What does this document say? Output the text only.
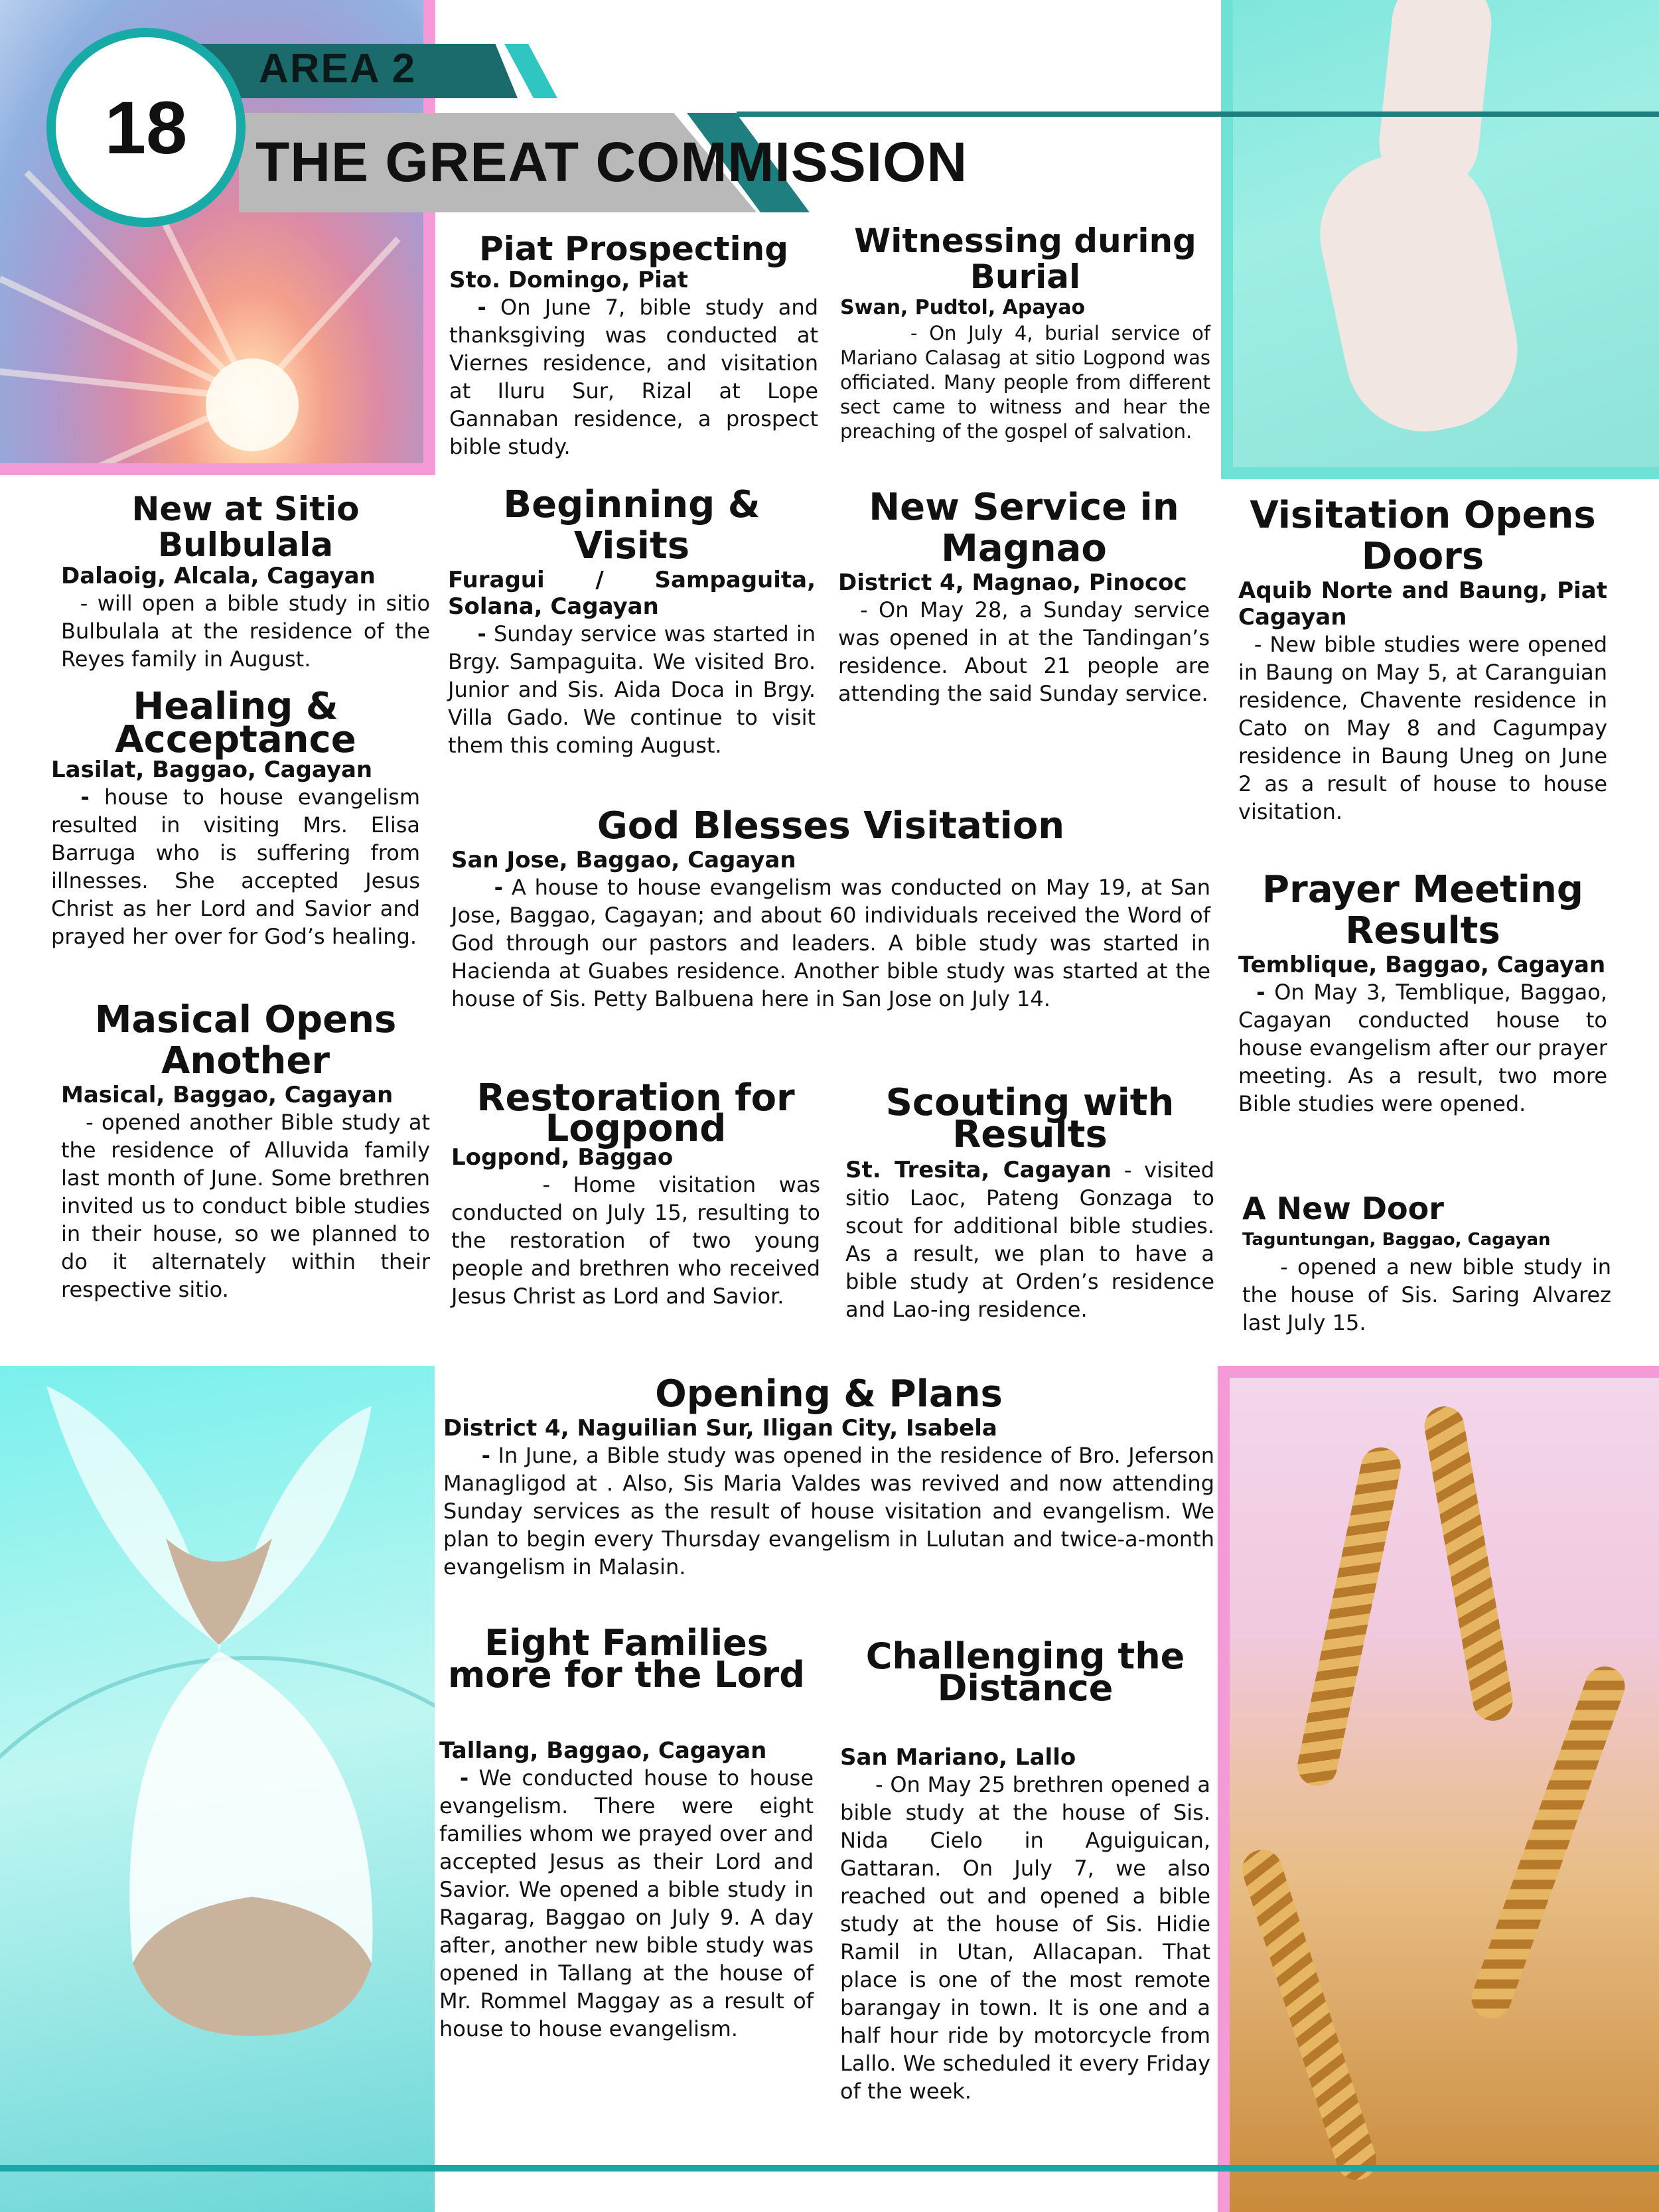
AREA 2
THE GREAT COMMISSION
18
Piat Prospecting
Sto. Domingo, Piat

- On June 7, bible study and thanksgiving was conducted at Viernes residence, and visitation at Iluru Sur, Rizal at Lope Gannaban residence, a prospect bible study.

Witnessing during Burial
Swan, Pudtol, Apayao

- On July 4, burial service of Mariano Calasag at sitio Logpond was officiated. Many people from different sect came to witness and hear the preaching of the gospel of salvation.

New at Sitio Bulbulala
Dalaoig, Alcala, Cagayan

- will open a bible study in sitio Bulbulala at the residence of the Reyes family in August.

Beginning & Visits
Furagui / Sampaguita, Solana, Cagayan

- Sunday service was started in Brgy. Sampaguita. We visited Bro. Junior and Sis. Aida Doca in Brgy. Villa Gado. We continue to visit them this coming August.

New Service in Magnao
District 4, Magnao, Pinococ

- On May 28, a Sunday service was opened in at the Tandingan’s residence. About 21 people are attending the said Sunday service.

Visitation Opens Doors
Aquib Norte and Baung, Piat Cagayan

- New bible studies were opened in Baung on May 5, at Caranguian residence, Chavente residence in Cato on May 8 and Cagumpay residence in Baung Uneg on June 2 as a result of house to house visitation.

Healing & Acceptance
Lasilat, Baggao, Cagayan

- house to house evangelism resulted in visiting Mrs. Elisa Barruga who is suffering from illnesses. She accepted Jesus Christ as her Lord and Savior and prayed her over for God’s healing.

God Blesses Visitation
San Jose, Baggao, Cagayan

- A house to house evangelism was conducted on May 19, at San Jose, Baggao, Cagayan; and about 60 individuals received the Word of God through our pastors and leaders. A bible study was started in Hacienda at Guabes residence. Another bible study was started at the house of Sis. Petty Balbuena here in San Jose on July 14.

Prayer Meeting Results
Temblique, Baggao, Cagayan

- On May 3, Temblique, Baggao, Cagayan conducted house to house evangelism after our prayer meeting. As a result, two more Bible studies were opened.

Masical Opens Another
Masical, Baggao, Cagayan

- opened another Bible study at the residence of Alluvida family last month of June. Some brethren invited us to conduct bible studies in their house, so we planned to do it alternately within their respective sitio.

Restoration for Logpond
Logpond, Baggao

- Home visitation was conducted on July 15, resulting to the restoration of two young people and brethren who received Jesus Christ as Lord and Savior.

Scouting with Results

St. Tresita, Cagayan - visited sitio Laoc, Pateng Gonzaga to scout for additional bible studies. As a result, we plan to have a bible study at Orden’s residence and Lao-ing residence.

A New Door
Taguntungan, Baggao, Cagayan

- opened a new bible study in the house of Sis. Saring Alvarez last July 15.

Opening & Plans
District 4, Naguilian Sur, Iligan City, Isabela

- In June, a Bible study was opened in the residence of Bro. Jeferson Managligod at . Also, Sis Maria Valdes was revived and now attending Sunday services as the result of house visitation and evangelism. We plan to begin every Thursday evangelism in Lulutan and twice-a-month evangelism in Malasin.

Eight Families more for the Lord
Tallang, Baggao, Cagayan

- We conducted house to house evangelism. There were eight families whom we prayed over and accepted Jesus as their Lord and Savior. We opened a bible study in Ragarag, Baggao on July 9. A day after, another new bible study was opened in Tallang at the house of Mr. Rommel Maggay as a result of house to house evangelism.

Challenging the Distance
San Mariano, Lallo

- On May 25 brethren opened a bible study at the house of Sis. Nida Cielo in Aguiguican, Gattaran. On July 7, we also reached out and opened a bible study at the house of Sis. Hidie Ramil in Utan, Allacapan. That place is one of the most remote barangay in town. It is one and a half hour ride by motorcycle from Lallo. We scheduled it every Friday of the week.
